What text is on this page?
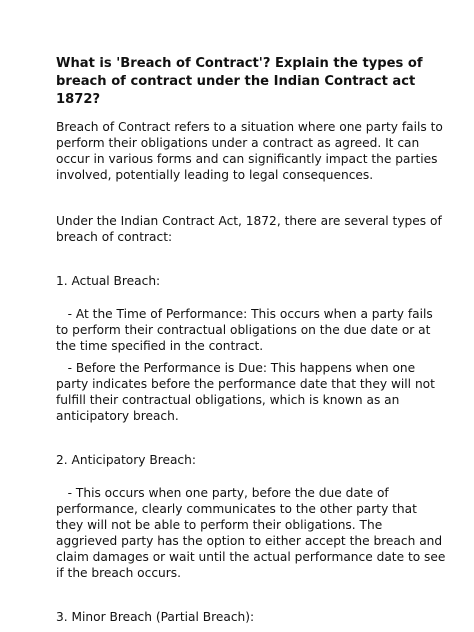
What is 'Breach of Contract'? Explain the types of breach of contract under the Indian Contract act 1872?

Breach of Contract refers to a situation where one party fails to perform their obligations under a contract as agreed. It can occur in various forms and can significantly impact the parties involved, potentially leading to legal consequences.

Under the Indian Contract Act, 1872, there are several types of breach of contract:

1. Actual Breach:

- At the Time of Performance: This occurs when a party fails to perform their contractual obligations on the due date or at the time specified in the contract.

- Before the Performance is Due: This happens when one party indicates before the performance date that they will not fulfill their contractual obligations, which is known as an anticipatory breach.

2. Anticipatory Breach:

- This occurs when one party, before the due date of performance, clearly communicates to the other party that they will not be able to perform their obligations. The aggrieved party has the option to either accept the breach and claim damages or wait until the actual performance date to see if the breach occurs.

3. Minor Breach (Partial Breach):
